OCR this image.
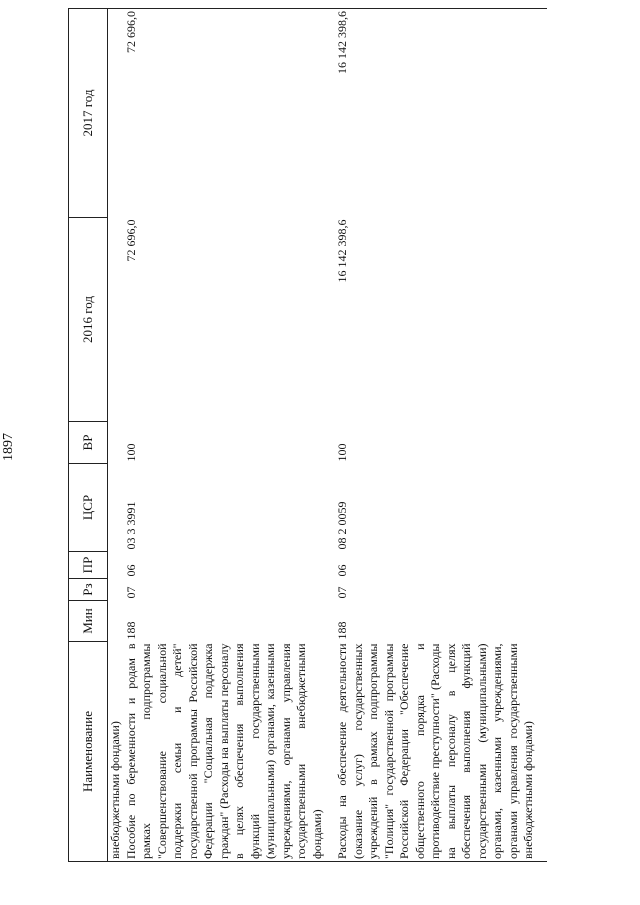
1897
Наименование	Мин	Рз	ПР	ЦСР	ВР	2016 год	2017 год
внебюджетными фондами)							
Пособие по беременности и родам в рамках подпрограммы "Совершенствование социальной поддержки семьи и детей" государственной программы Российской Федерации "Социальная поддержка граждан" (Расходы на выплаты персоналу в целях обеспечения выполнения функций государственными (муниципальными) органами, казенными учреждениями, органами управления государственными внебюджетными фондами)	188	07	06	03 3 3991	100	72 696,0	72 696,0
Расходы на обеспечение деятельности (оказание услуг) государственных учреждений в рамках подпрограммы "Полиция" государственной программы Российской Федерации "Обеспечение общественного порядка и противодействие преступности" (Расходы на выплаты персоналу в целях обеспечения выполнения функций государственными (муниципальными) органами, казенными учреждениями, органами управления государственными внебюджетными фондами)	188	07	06	08 2 0059	100	16 142 398,6	16 142 398,6
